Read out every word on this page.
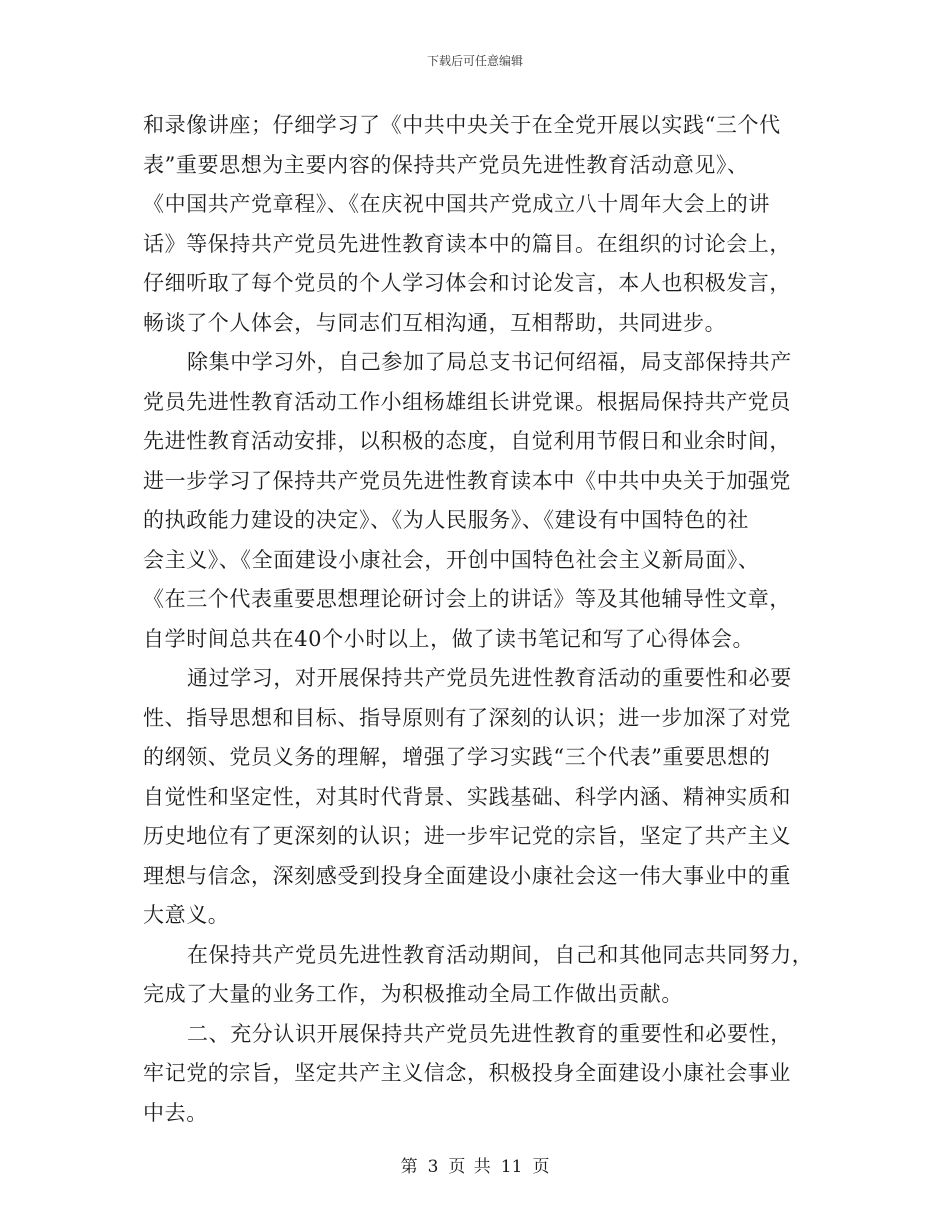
下载后可任意编辑
和录像讲座；仔细学习了《中共中央关于在全党开展以实践“三个代
表”重要思想为主要内容的保持共产党员先进性教育活动意见》、
《中国共产党章程》、《在庆祝中国共产党成立八十周年大会上的讲
话》等保持共产党员先进性教育读本中的篇目。在组织的讨论会上，
仔细听取了每个党员的个人学习体会和讨论发言，本人也积极发言，
畅谈了个人体会，与同志们互相沟通，互相帮助，共同进步。
除集中学习外，自己参加了局总支书记何绍福，局支部保持共产
党员先进性教育活动工作小组杨雄组长讲党课。根据局保持共产党员
先进性教育活动安排，以积极的态度，自觉利用节假日和业余时间，
进一步学习了保持共产党员先进性教育读本中《中共中央关于加强党
的执政能力建设的决定》、《为人民服务》、《建设有中国特色的社
会主义》、《全面建设小康社会，开创中国特色社会主义新局面》、
《在三个代表重要思想理论研讨会上的讲话》等及其他辅导性文章，
自学时间总共在40个小时以上，做了读书笔记和写了心得体会。
通过学习，对开展保持共产党员先进性教育活动的重要性和必要
性、指导思想和目标、指导原则有了深刻的认识；进一步加深了对党
的纲领、党员义务的理解，增强了学习实践“三个代表”重要思想的
自觉性和坚定性，对其时代背景、实践基础、科学内涵、精神实质和
历史地位有了更深刻的认识；进一步牢记党的宗旨，坚定了共产主义
理想与信念，深刻感受到投身全面建设小康社会这一伟大事业中的重
大意义。
在保持共产党员先进性教育活动期间，自己和其他同志共同努力，
完成了大量的业务工作，为积极推动全局工作做出贡献。
二、充分认识开展保持共产党员先进性教育的重要性和必要性，
牢记党的宗旨，坚定共产主义信念，积极投身全面建设小康社会事业
中去。
第 3 页 共 11 页
